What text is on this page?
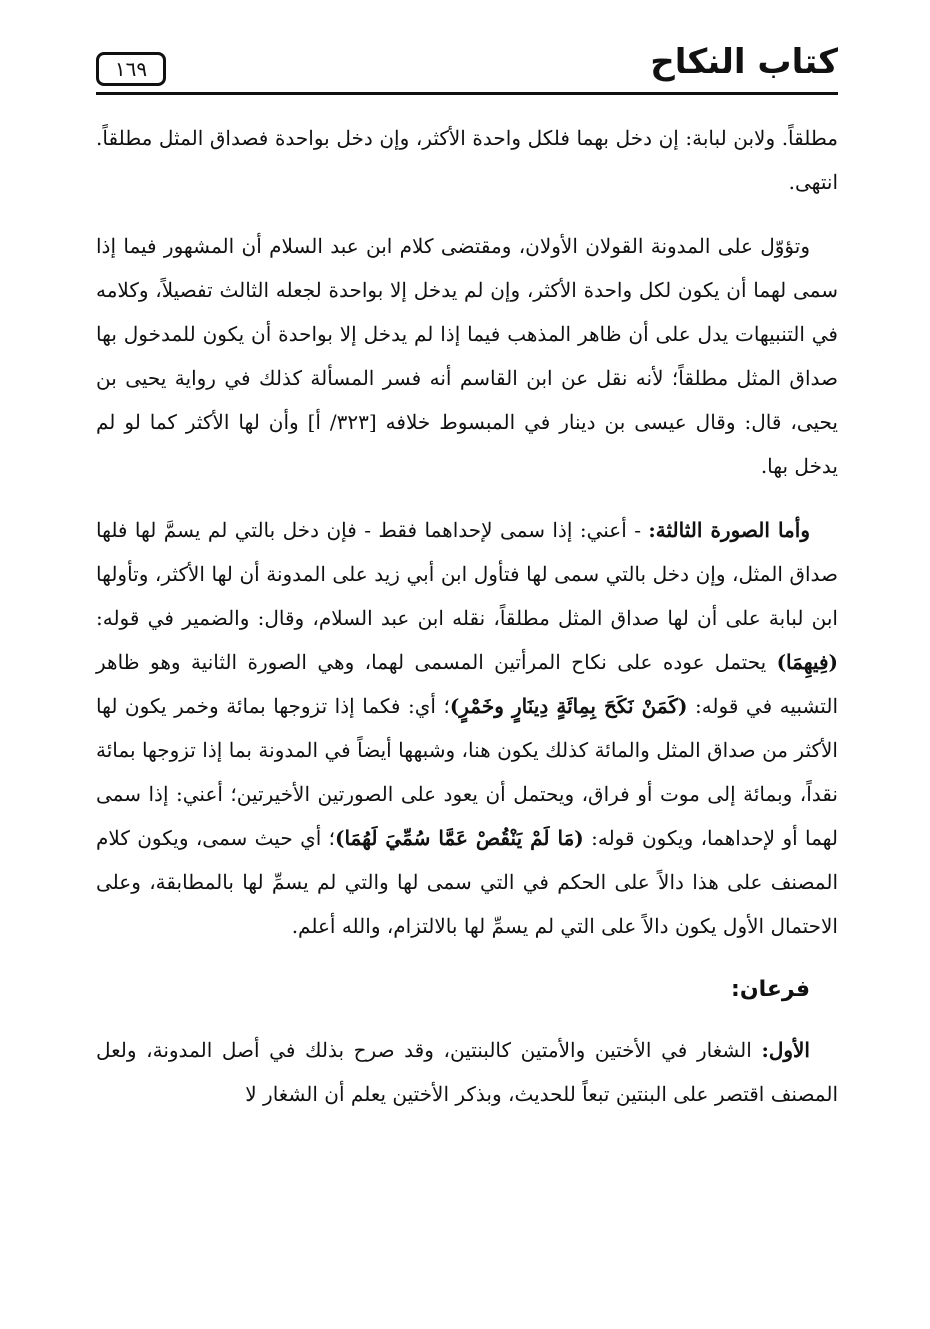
كتاب النكاح
١٦٩

مطلقاً. ولابن لبابة: إن دخل بهما فلكل واحدة الأكثر، وإن دخل بواحدة فصداق المثل مطلقاً. انتهى.

وتؤوّل على المدونة القولان الأولان، ومقتضى كلام ابن عبد السلام أن المشهور فيما إذا سمى لهما أن يكون لكل واحدة الأكثر، وإن لم يدخل إلا بواحدة لجعله الثالث تفصيلاً، وكلامه في التنبيهات يدل على أن ظاهر المذهب فيما إذا لم يدخل إلا بواحدة أن يكون للمدخول بها صداق المثل مطلقاً؛ لأنه نقل عن ابن القاسم أنه فسر المسألة كذلك في رواية يحيى بن يحيى، قال: وقال عيسى بن دينار في المبسوط خلافه [٣٢٣/ أ] وأن لها الأكثر كما لو لم يدخل بها.

وأما الصورة الثالثة: - أعني: إذا سمى لإحداهما فقط - فإن دخل بالتي لم يسمَّ لها فلها صداق المثل، وإن دخل بالتي سمى لها فتأول ابن أبي زيد على المدونة أن لها الأكثر، وتأولها ابن لبابة على أن لها صداق المثل مطلقاً، نقله ابن عبد السلام، وقال: والضمير في قوله: (فِيهِمَا) يحتمل عوده على نكاح المرأتين المسمى لهما، وهي الصورة الثانية وهو ظاهر التشبيه في قوله: (كَمَنْ نَكَحَ بِمِائَةٍ دِينَارٍ وخَمْرٍ)؛ أي: فكما إذا تزوجها بمائة وخمر يكون لها الأكثر من صداق المثل والمائة كذلك يكون هنا، وشبهها أيضاً في المدونة بما إذا تزوجها بمائة نقداً، وبمائة إلى موت أو فراق، ويحتمل أن يعود على الصورتين الأخيرتين؛ أعني: إذا سمى لهما أو لإحداهما، ويكون قوله: (مَا لَمْ يَنْقُصْ عَمَّا سُمِّيَ لَهُمَا)؛ أي حيث سمى، ويكون كلام المصنف على هذا دالاً على الحكم في التي سمى لها والتي لم يسمِّ لها بالمطابقة، وعلى الاحتمال الأول يكون دالاً على التي لم يسمِّ لها بالالتزام، والله أعلم.

فرعان:

الأول: الشغار في الأختين والأمتين كالبنتين، وقد صرح بذلك في أصل المدونة، ولعل المصنف اقتصر على البنتين تبعاً للحديث، وبذكر الأختين يعلم أن الشغار لا
